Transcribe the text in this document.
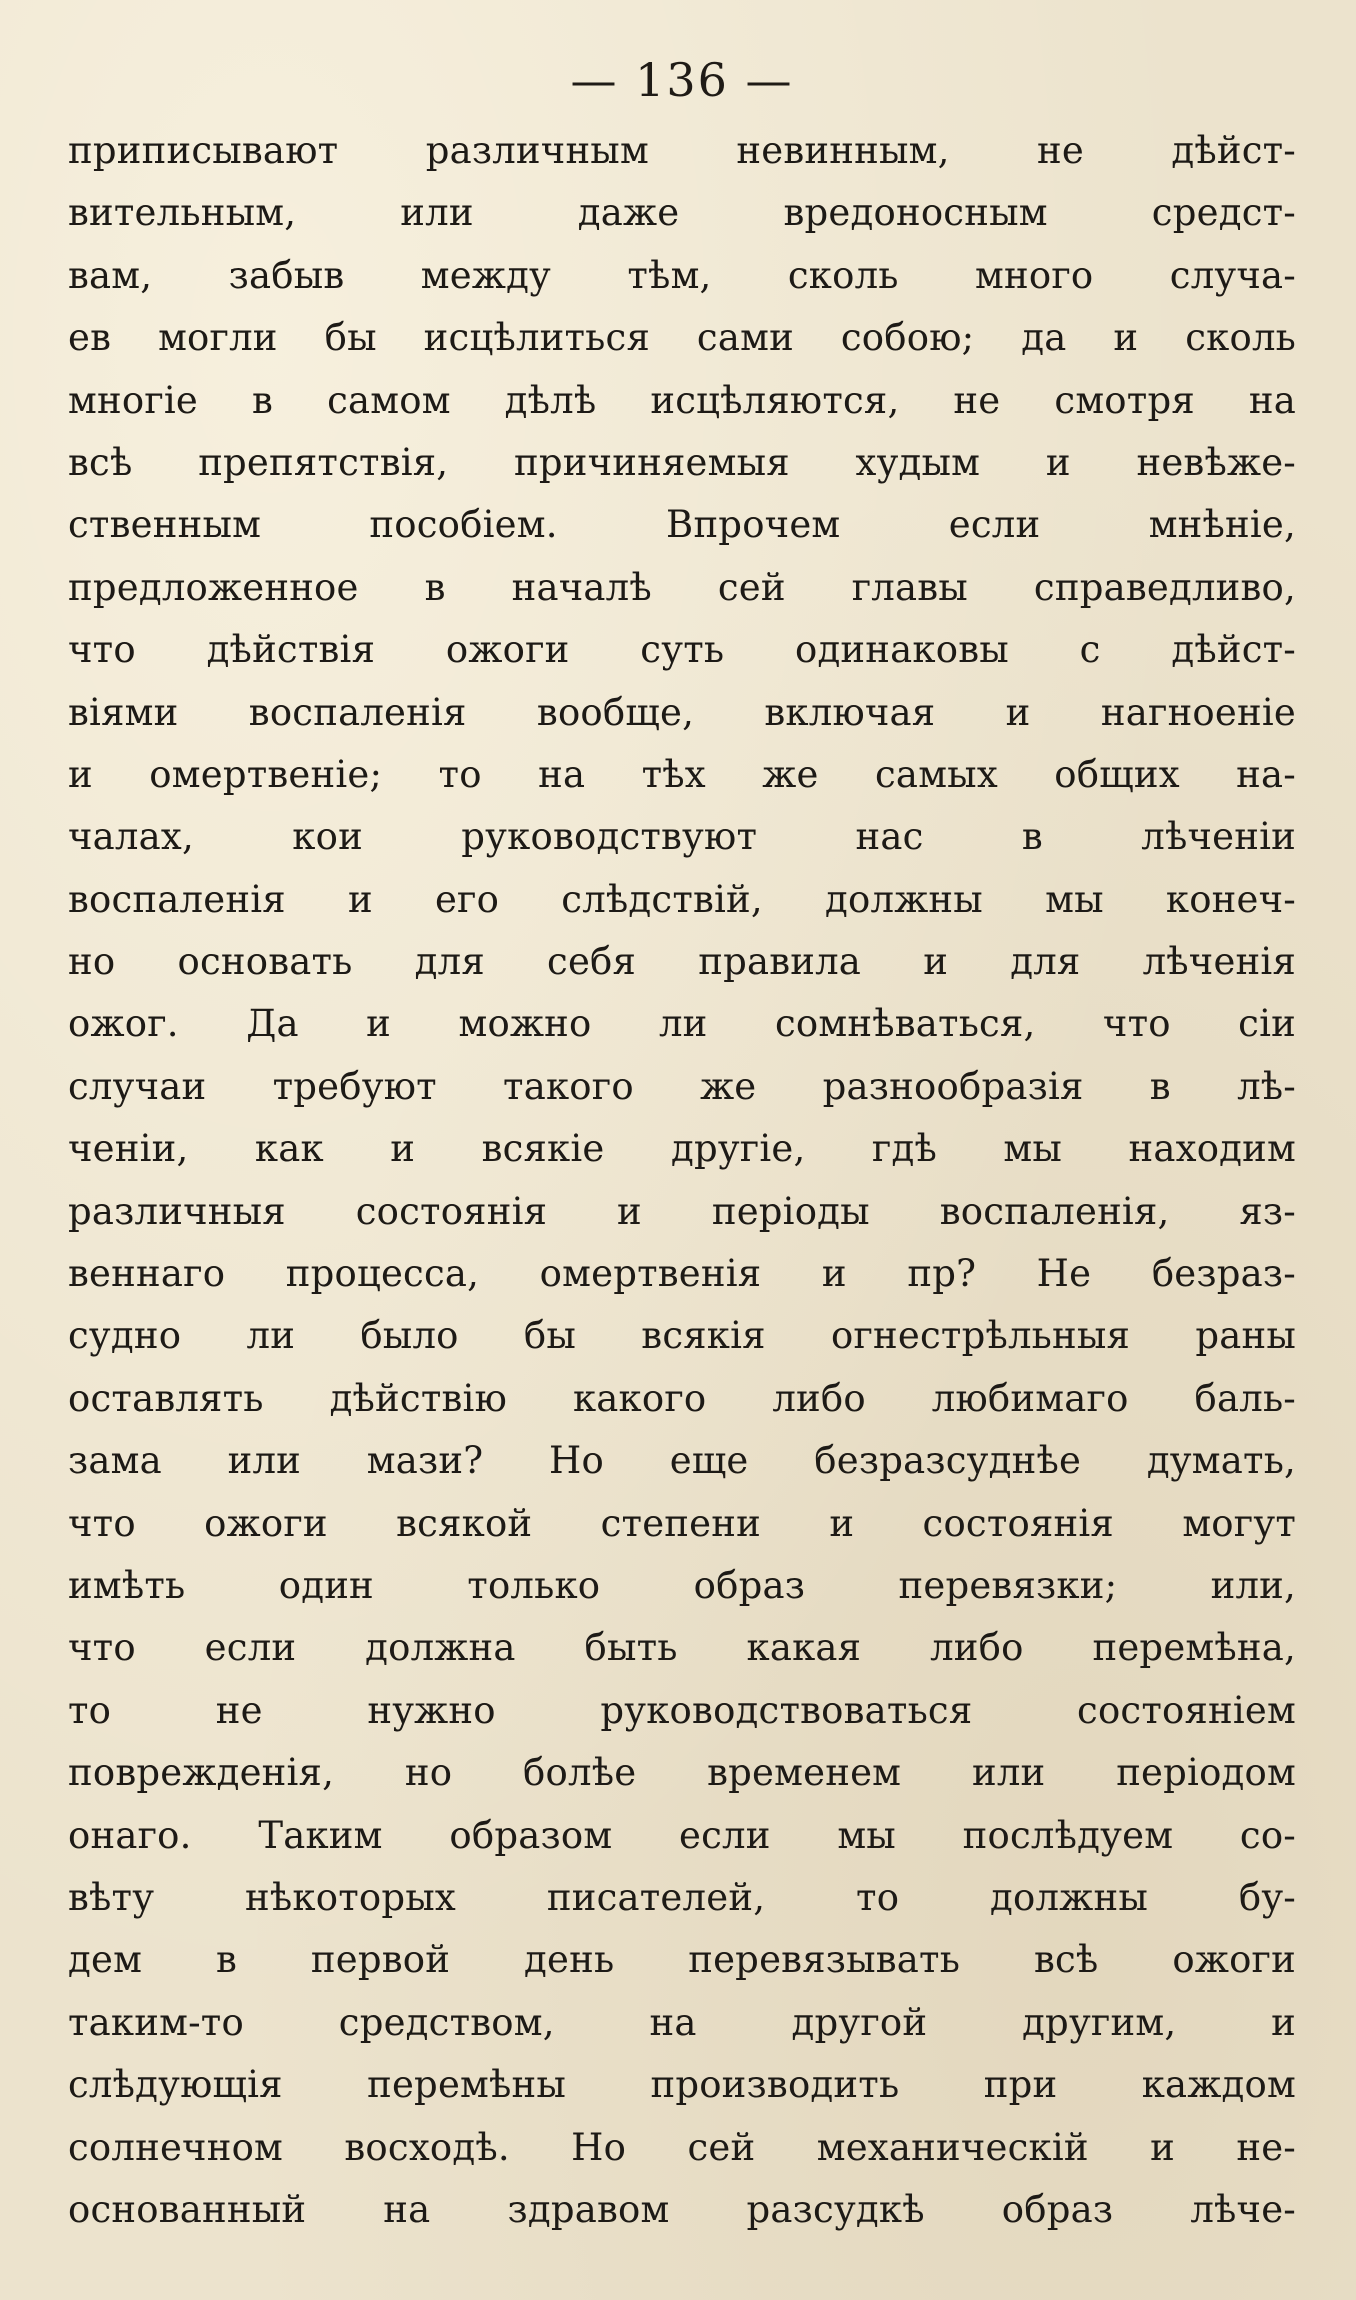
— 136 —
приписывают различным невинным, не дѣйст-
вительным, или даже вредоносным средст-
вам, забыв между тѣм, сколь много случа-
ев могли бы исцѣлиться сами собою; да и сколь
многіе в самом дѣлѣ исцѣляются, не смотря на
всѣ препятствія, причиняемыя худым и невѣже-
ственным пособіем. Впрочем если мнѣніе,
предложенное в началѣ сей главы справедливо,
что дѣйствія ожоги суть одинаковы с дѣйст-
віями воспаленія вообще, включая и нагноеніе
и омертвеніе; то на тѣх же самых общих на-
чалах, кои руководствуют нас в лѣченіи
воспаленія и его слѣдствій, должны мы конеч-
но основать для себя правила и для лѣченія
ожог. Да и можно ли сомнѣваться, что сіи
случаи требуют такого же разнообразія в лѣ-
ченіи, как и всякіе другіе, гдѣ мы находим
различныя состоянія и періоды воспаленія, яз-
веннаго процесса, омертвенія и пр? Не безраз-
судно ли было бы всякія огнестрѣльныя раны
оставлять дѣйствію какого либо любимаго баль-
зама или мази? Но еще безразсуднѣе думать,
что ожоги всякой степени и состоянія могут
имѣть один только образ перевязки; или,
что если должна быть какая либо перемѣна,
то не нужно руководствоваться состояніем
поврежденія, но болѣе временем или періодом
онаго. Таким образом если мы послѣдуем со-
вѣту нѣкоторых писателей, то должны бу-
дем в первой день перевязывать всѣ ожоги
таким-то средством, на другой другим, и
слѣдующія перемѣны производить при каждом
солнечном восходѣ. Но сей механическій и не-
основанный на здравом разсудкѣ образ лѣче-
